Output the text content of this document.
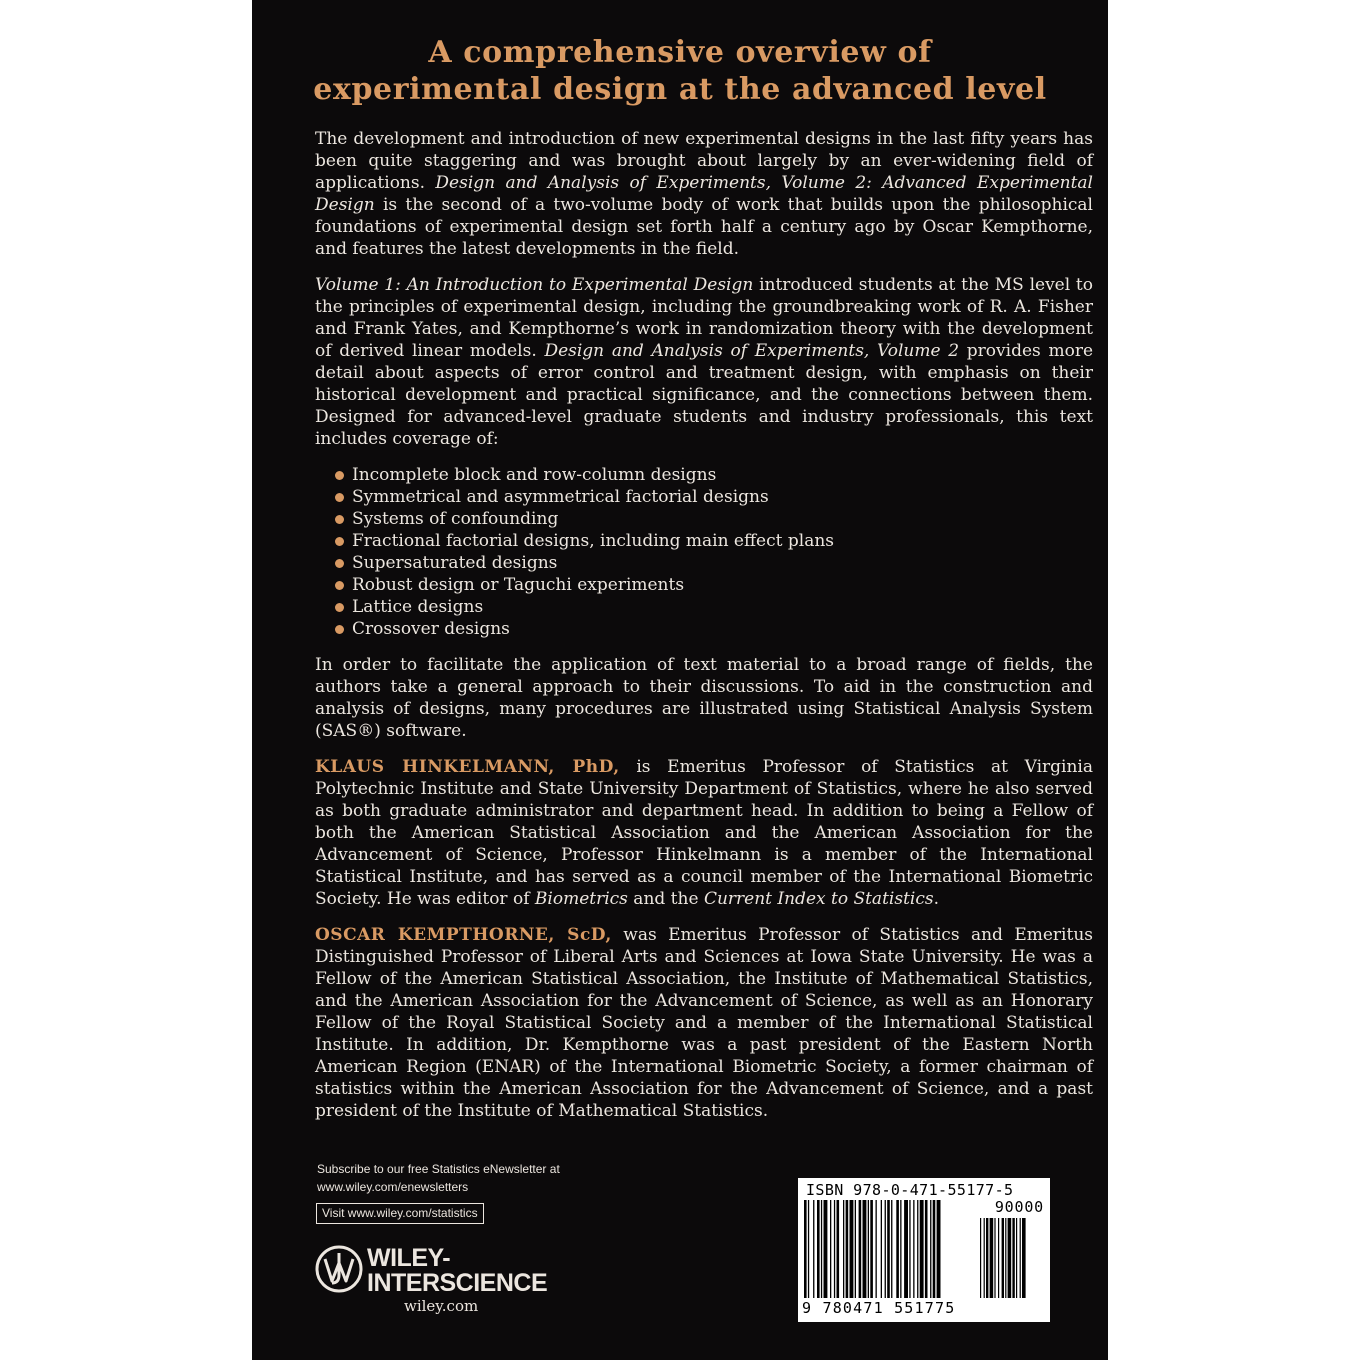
A comprehensive overview of
experimental design at the advanced level

The development and introduction of new experimental designs in the last fifty years has been quite staggering and was brought about largely by an ever-widening field of applications. Design and Analysis of Experiments, Volume 2: Advanced Experimental Design is the second of a two-volume body of work that builds upon the philosophical foundations of experimental design set forth half a century ago by Oscar Kempthorne, and features the latest developments in the field.

Volume 1: An Introduction to Experimental Design introduced students at the MS level to the principles of experimental design, including the groundbreaking work of R. A. Fisher and Frank Yates, and Kempthorne’s work in randomization theory with the development of derived linear models. Design and Analysis of Experiments, Volume 2 provides more detail about aspects of error control and treatment design, with emphasis on their historical development and practical significance, and the connections between them. Designed for advanced-level graduate students and industry professionals, this text includes coverage of:

Incomplete block and row-column designs
Symmetrical and asymmetrical factorial designs
Systems of confounding
Fractional factorial designs, including main effect plans
Supersaturated designs
Robust design or Taguchi experiments
Lattice designs
Crossover designs

In order to facilitate the application of text material to a broad range of fields, the authors take a general approach to their discussions. To aid in the construction and analysis of designs, many procedures are illustrated using Statistical Analysis System (SAS®) software.

KLAUS HINKELMANN, PhD, is Emeritus Professor of Statistics at Virginia Polytechnic Institute and State University Department of Statistics, where he also served as both graduate administrator and department head. In addition to being a Fellow of both the American Statistical Association and the American Association for the Advancement of Science, Professor Hinkelmann is a member of the International Statistical Institute, and has served as a council member of the International Biometric Society. He was editor of Biometrics and the Current Index to Statistics.

OSCAR KEMPTHORNE, ScD, was Emeritus Professor of Statistics and Emeritus Distinguished Professor of Liberal Arts and Sciences at Iowa State University. He was a Fellow of the American Statistical Association, the Institute of Mathematical Statistics, and the American Association for the Advancement of Science, as well as an Honorary Fellow of the Royal Statistical Society and a member of the International Statistical Institute. In addition, Dr. Kempthorne was a past president of the Eastern North American Region (ENAR) of the International Biometric Society, a former chairman of statistics within the American Association for the Advancement of Science, and a past president of the Institute of Mathematical Statistics.

Subscribe to our free Statistics eNewsletter at
www.wiley.com/enewsletters
Visit www.wiley.com/statistics
WILEY-
INTERSCIENCE
wiley.com
ISBN 978-0-471-55177-5
90000
9 780471 551775
